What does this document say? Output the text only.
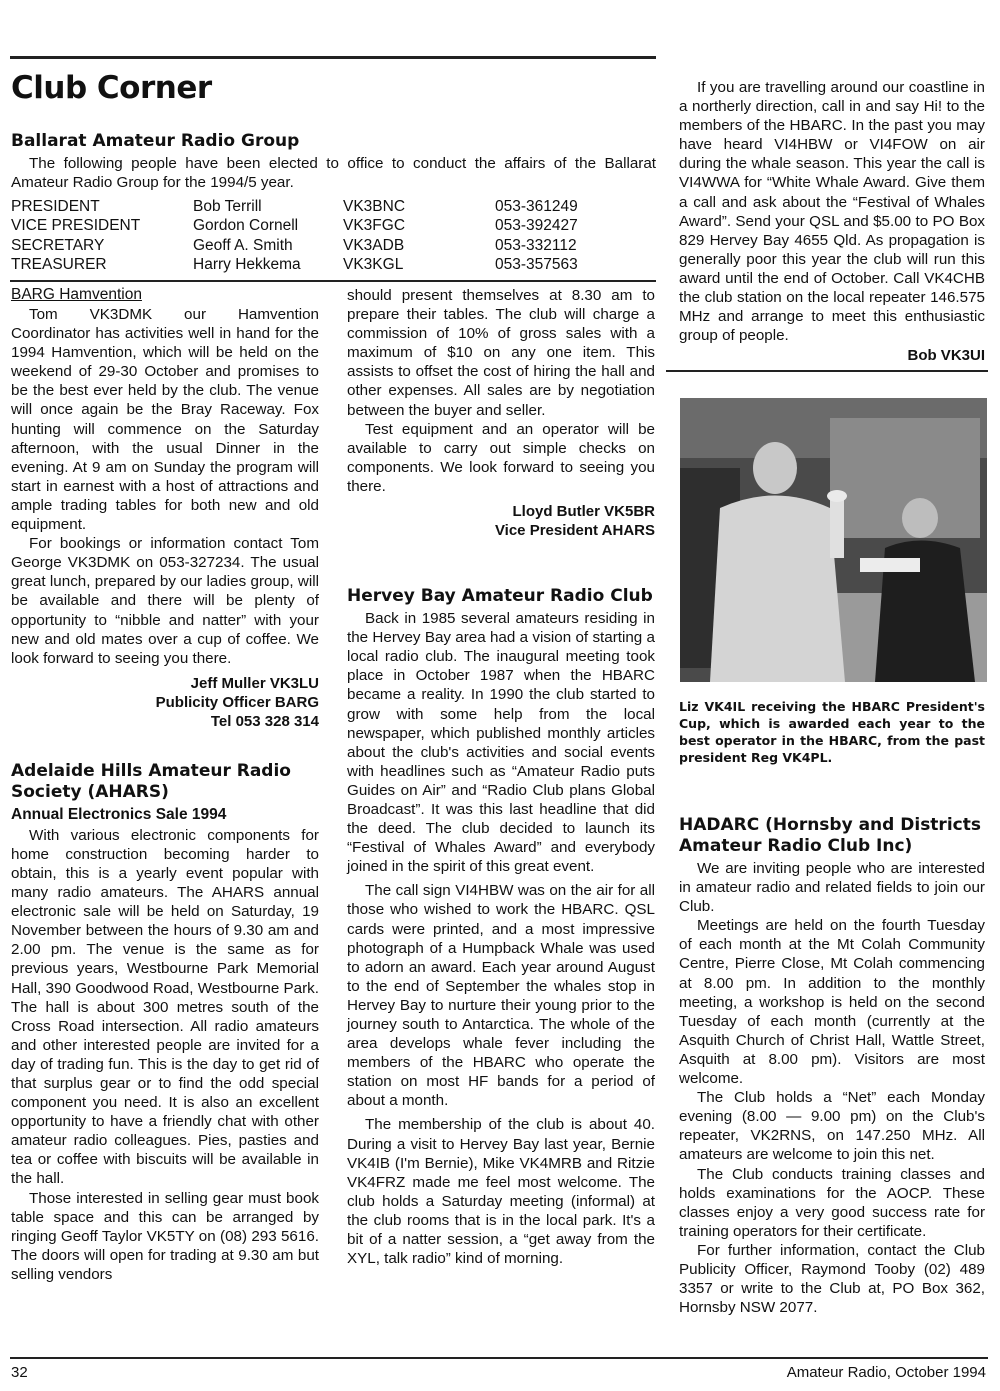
Club Corner
Ballarat Amateur Radio Group

The following people have been elected to office to conduct the affairs of the Ballarat Amateur Radio Group for the 1994/5 year.

PRESIDENT	Bob Terrill	VK3BNC	053-361249
VICE PRESIDENT	Gordon Cornell	VK3FGC	053-392427
SECRETARY	Geoff A. Smith	VK3ADB	053-332112
TREASURER	Harry Hekkema	VK3KGL	053-357563
BARG Hamvention

Tom VK3DMK our Hamvention Coordinator has activities well in hand for the 1994 Hamvention, which will be held on the weekend of 29-30 October and promises to be the best ever held by the club. The venue will once again be the Bray Raceway. Fox hunting will commence on the Saturday afternoon, with the usual Dinner in the evening. At 9 am on Sunday the program will start in earnest with a host of attractions and ample trading tables for both new and old equipment.

For bookings or information contact Tom George VK3DMK on 053-327234. The usual great lunch, prepared by our ladies group, will be available and there will be plenty of opportunity to “nibble and natter” with your new and old mates over a cup of coffee. We look forward to seeing you there.

Jeff Muller VK3LU
Publicity Officer BARG
Tel 053 328 314
Adelaide Hills Amateur Radio Society (AHARS)
Annual Electronics Sale 1994

With various electronic components for home construction becoming harder to obtain, this is a yearly event popular with many radio amateurs. The AHARS annual electronic sale will be held on Saturday, 19 November between the hours of 9.30 am and 2.00 pm. The venue is the same as for previous years, Westbourne Park Memorial Hall, 390 Goodwood Road, Westbourne Park. The hall is about 300 metres south of the Cross Road intersection. All radio amateurs and other interested people are invited for a day of trading fun. This is the day to get rid of that surplus gear or to find the odd special component you need. It is also an excellent opportunity to have a friendly chat with other amateur radio colleagues. Pies, pasties and tea or coffee with biscuits will be available in the hall.

Those interested in selling gear must book table space and this can be arranged by ringing Geoff Taylor VK5TY on (08) 293 5616. The doors will open for trading at 9.30 am but selling vendors

should present themselves at 8.30 am to prepare their tables. The club will charge a commission of 10% of gross sales with a maximum of $10 on any one item. This assists to offset the cost of hiring the hall and other expenses. All sales are by negotiation between the buyer and seller.

Test equipment and an operator will be available to carry out simple checks on components. We look forward to seeing you there.

Lloyd Butler VK5BR
Vice President AHARS
Hervey Bay Amateur Radio Club

Back in 1985 several amateurs residing in the Hervey Bay area had a vision of starting a local radio club. The inaugural meeting took place in October 1987 when the HBARC became a reality. In 1990 the club started to grow with some help from the local newspaper, which published monthly articles about the club's activities and social events with headlines such as “Amateur Radio puts Guides on Air” and “Radio Club plans Global Broadcast”. It was this last headline that did the deed. The club decided to launch its “Festival of Whales Award” and everybody joined in the spirit of this great event.

The call sign VI4HBW was on the air for all those who wished to work the HBARC. QSL cards were printed, and a most impressive photograph of a Humpback Whale was used to adorn an award. Each year around August to the end of September the whales stop in Hervey Bay to nurture their young prior to the journey south to Antarctica. The whole of the area develops whale fever including the members of the HBARC who operate the station on most HF bands for a period of about a month.

The membership of the club is about 40. During a visit to Hervey Bay last year, Bernie VK4IB (I'm Bernie), Mike VK4MRB and Ritzie VK4FRZ made me feel most welcome. The club holds a Saturday meeting (informal) at the club rooms that is in the local park. It's a bit of a natter session, a “get away from the XYL, talk radio” kind of morning.

If you are travelling around our coastline in a northerly direction, call in and say Hi! to the members of the HBARC. In the past you may have heard VI4HBW or VI4FOW on air during the whale season. This year the call is VI4WWA for “White Whale Award. Give them a call and ask about the “Festival of Whales Award”. Send your QSL and $5.00 to PO Box 829 Hervey Bay 4655 Qld. As propagation is generally poor this year the club will run this award until the end of October. Call VK4CHB the club station on the local repeater 146.575 MHz and arrange to meet this enthusiastic group of people.

Bob VK3UI
Liz VK4IL receiving the HBARC President's Cup, which is awarded each year to the best operator in the HBARC, from the past president Reg VK4PL.
HADARC (Hornsby and Districts Amateur Radio Club Inc)

We are inviting people who are interested in amateur radio and related fields to join our Club.

Meetings are held on the fourth Tuesday of each month at the Mt Colah Community Centre, Pierre Close, Mt Colah commencing at 8.00 pm. In addition to the monthly meeting, a workshop is held on the second Tuesday of each month (currently at the Asquith Church of Christ Hall, Wattle Street, Asquith at 8.00 pm). Visitors are most welcome.

The Club holds a “Net” each Monday evening (8.00 — 9.00 pm) on the Club's repeater, VK2RNS, on 147.250 MHz. All amateurs are welcome to join this net.

The Club conducts training classes and holds examinations for the AOCP. These classes enjoy a very good success rate for training operators for their certificate.

For further information, contact the Club Publicity Officer, Raymond Tooby (02) 489 3357 or write to the Club at, PO Box 362, Hornsby NSW 2077.

32	Amateur Radio, October 1994
